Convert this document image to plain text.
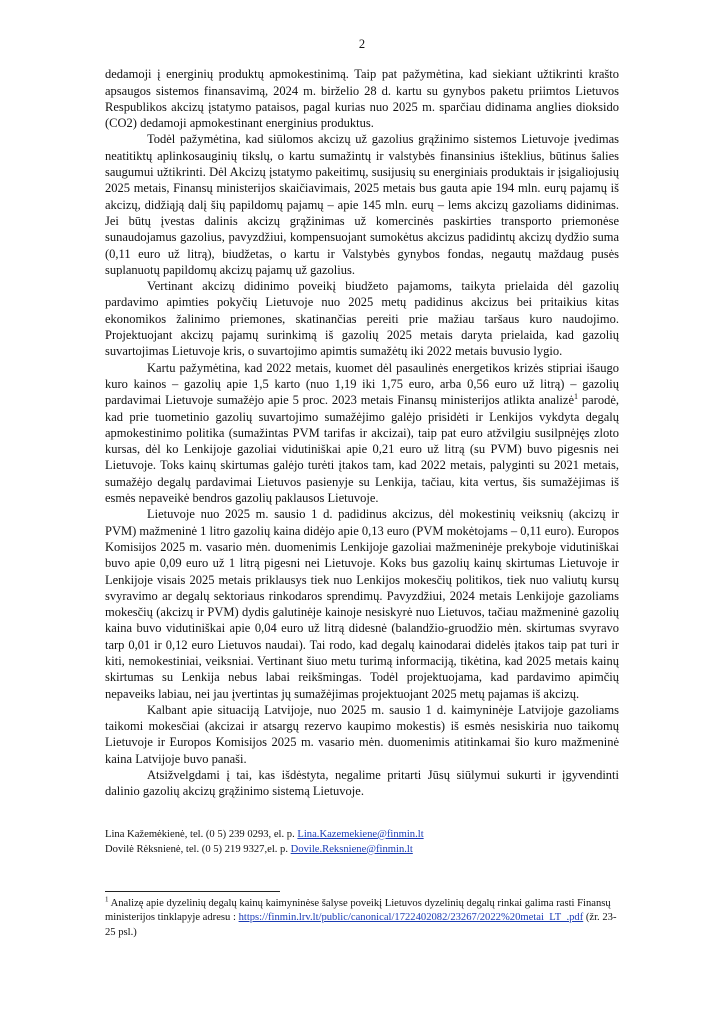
2

dedamoji į energinių produktų apmokestinimą. Taip pat pažymėtina, kad siekiant užtikrinti krašto apsaugos sistemos finansavimą, 2024 m. birželio 28 d. kartu su gynybos paketu priimtos Lietuvos Respublikos akcizų įstatymo pataisos, pagal kurias nuo 2025 m. sparčiau didinama anglies dioksido (CO2) dedamoji apmokestinant energinius produktus.

Todėl pažymėtina, kad siūlomos akcizų už gazolius grąžinimo sistemos Lietuvoje įvedimas neatitiktų aplinkosauginių tikslų, o kartu sumažintų ir valstybės finansinius išteklius, būtinus šalies saugumui užtikrinti. Dėl Akcizų įstatymo pakeitimų, susijusių su energiniais produktais ir įsigaliojusių 2025 metais, Finansų ministerijos skaičiavimais, 2025 metais bus gauta apie 194 mln. eurų pajamų iš akcizų, didžiąją dalį šių papildomų pajamų – apie 145 mln. eurų – lems akcizų gazoliams didinimas. Jei būtų įvestas dalinis akcizų grąžinimas už komercinės paskirties transporto priemonėse sunaudojamus gazolius, pavyzdžiui, kompensuojant sumokėtus akcizus padidintų akcizų dydžio suma (0,11 euro už litrą), biudžetas, o kartu ir Valstybės gynybos fondas, negautų maždaug pusės suplanuotų papildomų akcizų pajamų už gazolius.

Vertinant akcizų didinimo poveikį biudžeto pajamoms, taikyta prielaida dėl gazolių pardavimo apimties pokyčių Lietuvoje nuo 2025 metų padidinus akcizus bei pritaikius kitas ekonomikos žalinimo priemones, skatinančias pereiti prie mažiau taršaus kuro naudojimo. Projektuojant akcizų pajamų surinkimą iš gazolių 2025 metais daryta prielaida, kad gazolių suvartojimas Lietuvoje kris, o suvartojimo apimtis sumažėtų iki 2022 metais buvusio lygio.

Kartu pažymėtina, kad 2022 metais, kuomet dėl pasaulinės energetikos krizės stipriai išaugo kuro kainos – gazolių apie 1,5 karto (nuo 1,19 iki 1,75 euro, arba 0,56 euro už litrą) – gazolių pardavimai Lietuvoje sumažėjo apie 5 proc. 2023 metais Finansų ministerijos atlikta analizė$^1$ parodė, kad prie tuometinio gazolių suvartojimo sumažėjimo galėjo prisidėti ir Lenkijos vykdyta degalų apmokestinimo politika (sumažintas PVM tarifas ir akcizai), taip pat euro atžvilgiu susilpnėjęs zloto kursas, dėl ko Lenkijoje gazoliai vidutiniškai apie 0,21 euro už litrą (su PVM) buvo pigesnis nei Lietuvoje. Toks kainų skirtumas galėjo turėti įtakos tam, kad 2022 metais, palyginti su 2021 metais, sumažėjo degalų pardavimai Lietuvos pasienyje su Lenkija, tačiau, kita vertus, šis sumažėjimas iš esmės nepaveikė bendros gazolių paklausos Lietuvoje.

Lietuvoje nuo 2025 m. sausio 1 d. padidinus akcizus, dėl mokestinių veiksnių (akcizų ir PVM) mažmeninė 1 litro gazolių kaina didėjo apie 0,13 euro (PVM mokėtojams – 0,11 euro). Europos Komisijos 2025 m. vasario mėn. duomenimis Lenkijoje gazoliai mažmeninėje prekyboje vidutiniškai buvo apie 0,09 euro už 1 litrą pigesni nei Lietuvoje. Koks bus gazolių kainų skirtumas Lietuvoje ir Lenkijoje visais 2025 metais priklausys tiek nuo Lenkijos mokesčių politikos, tiek nuo valiutų kursų svyravimo ar degalų sektoriaus rinkodaros sprendimų. Pavyzdžiui, 2024 metais Lenkijoje gazoliams mokesčių (akcizų ir PVM) dydis galutinėje kainoje nesiskyrė nuo Lietuvos, tačiau mažmeninė gazolių kaina buvo vidutiniškai apie 0,04 euro už litrą didesnė (balandžio-gruodžio mėn. skirtumas svyravo tarp 0,01 ir 0,12 euro Lietuvos naudai). Tai rodo, kad degalų kainodarai didelės įtakos taip pat turi ir kiti, nemokestiniai, veiksniai. Vertinant šiuo metu turimą informaciją, tikėtina, kad 2025 metais kainų skirtumas su Lenkija nebus labai reikšmingas. Todėl projektuojama, kad pardavimo apimčių nepaveiks labiau, nei jau įvertintas jų sumažėjimas projektuojant 2025 metų pajamas iš akcizų.

Kalbant apie situaciją Latvijoje, nuo 2025 m. sausio 1 d. kaimyninėje Latvijoje gazoliams taikomi mokesčiai (akcizai ir atsargų rezervo kaupimo mokestis) iš esmės nesiskiria nuo taikomų Lietuvoje ir Europos Komisijos 2025 m. vasario mėn. duomenimis atitinkamai šio kuro mažmeninė kaina Latvijoje buvo panaši.

Atsižvelgdami į tai, kas išdėstyta, negalime pritarti Jūsų siūlymui sukurti ir įgyvendinti dalinio gazolių akcizų grąžinimo sistemą Lietuvoje.

Lina Kažemėkienė, tel. (0 5) 239 0293, el. p. Lina.Kazemekiene@finmin.lt
Dovilė Rėksnienė, tel. (0 5) 219 9327,el. p. Dovile.Reksniene@finmin.lt
$^1$ Analizę apie dyzelinių degalų kainų kaimyninėse šalyse poveikį Lietuvos dyzelinių degalų rinkai galima rasti Finansų ministerijos tinklapyje adresu : https://finmin.lrv.lt/public/canonical/1722402082/23267/2022%20metai_LT_.pdf (žr. 23-25 psl.)
